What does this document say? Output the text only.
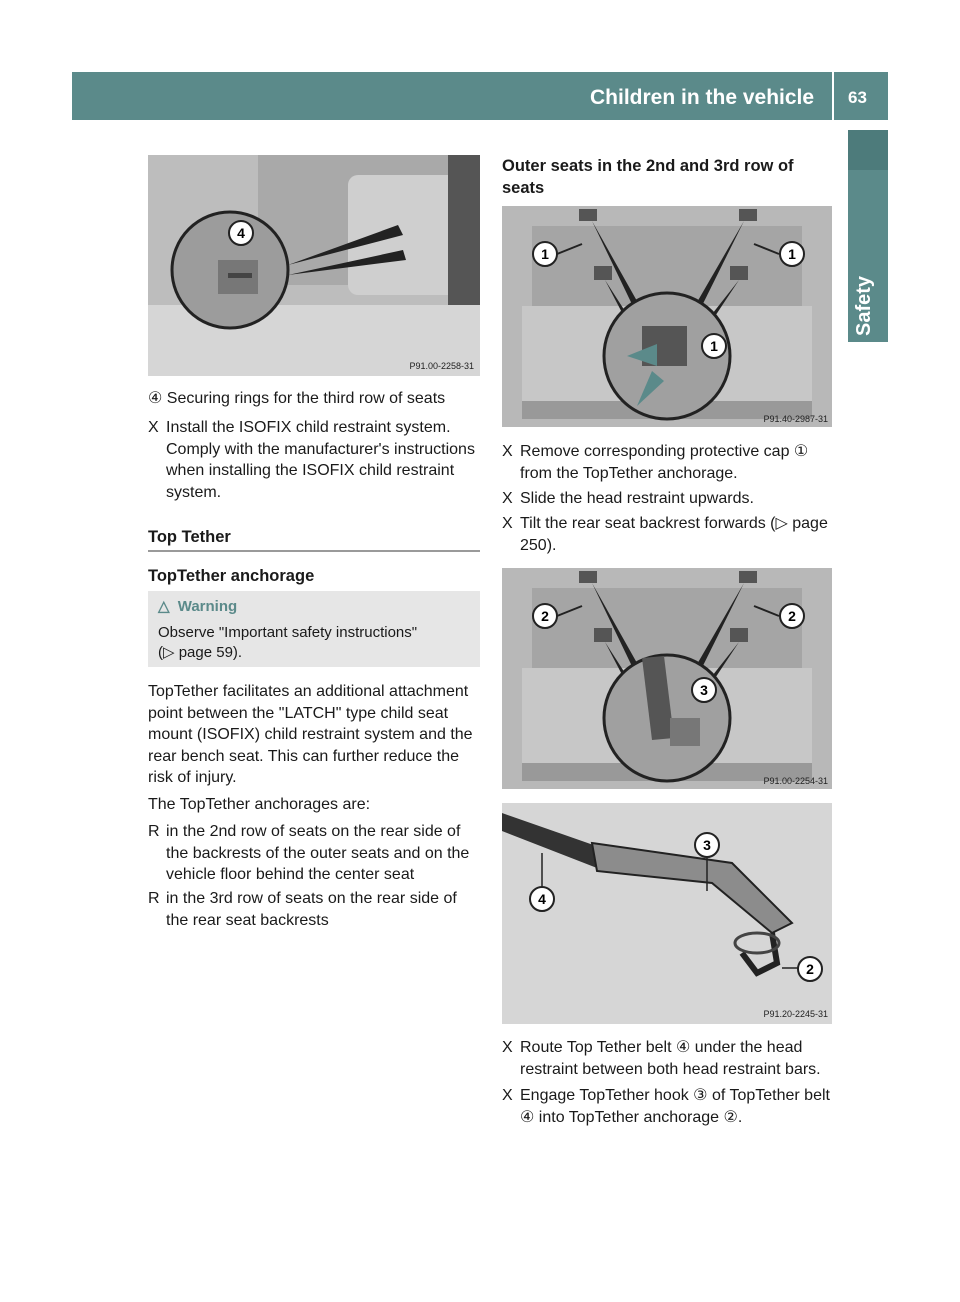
Children in the vehicle 63
Safety
4
P91.00-2258-31
④ Securing rings for the third row of seats
X Install the ISOFIX child restraint system. Comply with the manufacturer's instructions when installing the ISOFIX child restraint system.
Top Tether
TopTether anchorage
△ Warning
Observe "Important safety instructions"
(▷ page 59).
TopTether facilitates an additional attachment point between the "LATCH" type child seat mount (ISOFIX) child restraint system and the rear bench seat. This can further reduce the risk of injury.
The TopTether anchorages are:
R in the 2nd row of seats on the rear side of the backrests of the outer seats and on the vehicle floor behind the center seat
R in the 3rd row of seats on the rear side of the rear seat backrests
Outer seats in the 2nd and 3rd row of seats
1	1
1
P91.40-2987-31
X Remove corresponding protective cap ① from the TopTether anchorage.
X Slide the head restraint upwards.
X Tilt the rear seat backrest forwards (▷ page 250).
2	2
3
P91.00-2254-31
3
4
2
P91.20-2245-31
X Route Top Tether belt ④ under the head restraint between both head restraint bars.
X Engage TopTether hook ③ of TopTether belt ④ into TopTether anchorage ②.
